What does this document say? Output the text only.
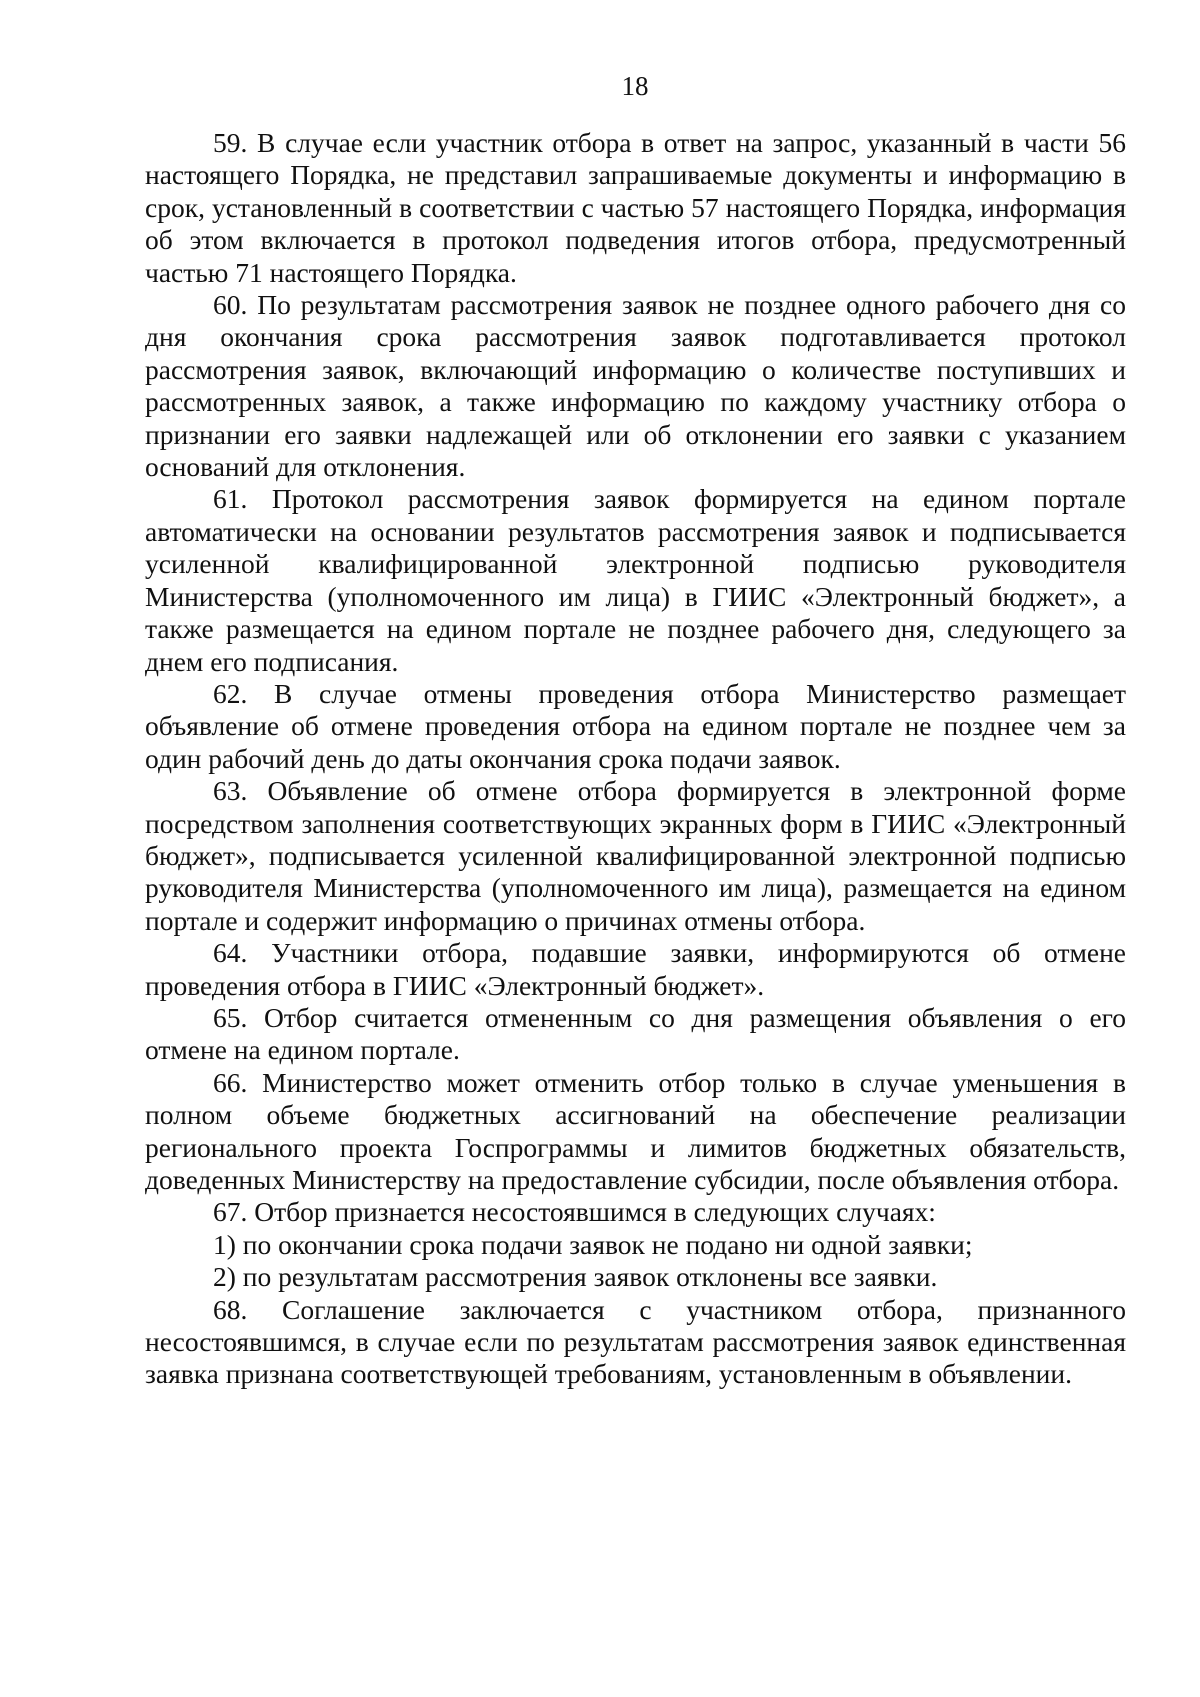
18

59. В случае если участник отбора в ответ на запрос, указанный в части 56 настоящего Порядка, не представил запрашиваемые документы и информацию в срок, установленный в соответствии с частью 57 настоящего Порядка, информация об этом включается в протокол подведения итогов отбора, предусмотренный частью 71 настоящего Порядка.

60. По результатам рассмотрения заявок не позднее одного рабочего дня со дня окончания срока рассмотрения заявок подготавливается протокол рассмотрения заявок, включающий информацию о количестве поступивших и рассмотренных заявок, а также информацию по каждому участнику отбора о признании его заявки надлежащей или об отклонении его заявки с указанием оснований для отклонения.

61. Протокол рассмотрения заявок формируется на едином портале автоматически на основании результатов рассмотрения заявок и подписывается усиленной квалифицированной электронной подписью руководителя Министерства (уполномоченного им лица) в ГИИС «Электронный бюджет», а также размещается на едином портале не позднее рабочего дня, следующего за днем его подписания.

62. В случае отмены проведения отбора Министерство размещает объявление об отмене проведения отбора на едином портале не позднее чем за один рабочий день до даты окончания срока подачи заявок.

63. Объявление об отмене отбора формируется в электронной форме посредством заполнения соответствующих экранных форм в ГИИС «Электронный бюджет», подписывается усиленной квалифицированной электронной подписью руководителя Министерства (уполномоченного им лица), размещается на едином портале и содержит информацию о причинах отмены отбора.

64. Участники отбора, подавшие заявки, информируются об отмене проведения отбора в ГИИС «Электронный бюджет».

65. Отбор считается отмененным со дня размещения объявления о его отмене на едином портале.

66. Министерство может отменить отбор только в случае уменьшения в полном объеме бюджетных ассигнований на обеспечение реализации регионального проекта Госпрограммы и лимитов бюджетных обязательств, доведенных Министерству на предоставление субсидии, после объявления отбора.

67. Отбор признается несостоявшимся в следующих случаях:

1) по окончании срока подачи заявок не подано ни одной заявки;

2) по результатам рассмотрения заявок отклонены все заявки.

68. Соглашение заключается с участником отбора, признанного несостоявшимся, в случае если по результатам рассмотрения заявок единственная заявка признана соответствующей требованиям, установленным в объявлении.
